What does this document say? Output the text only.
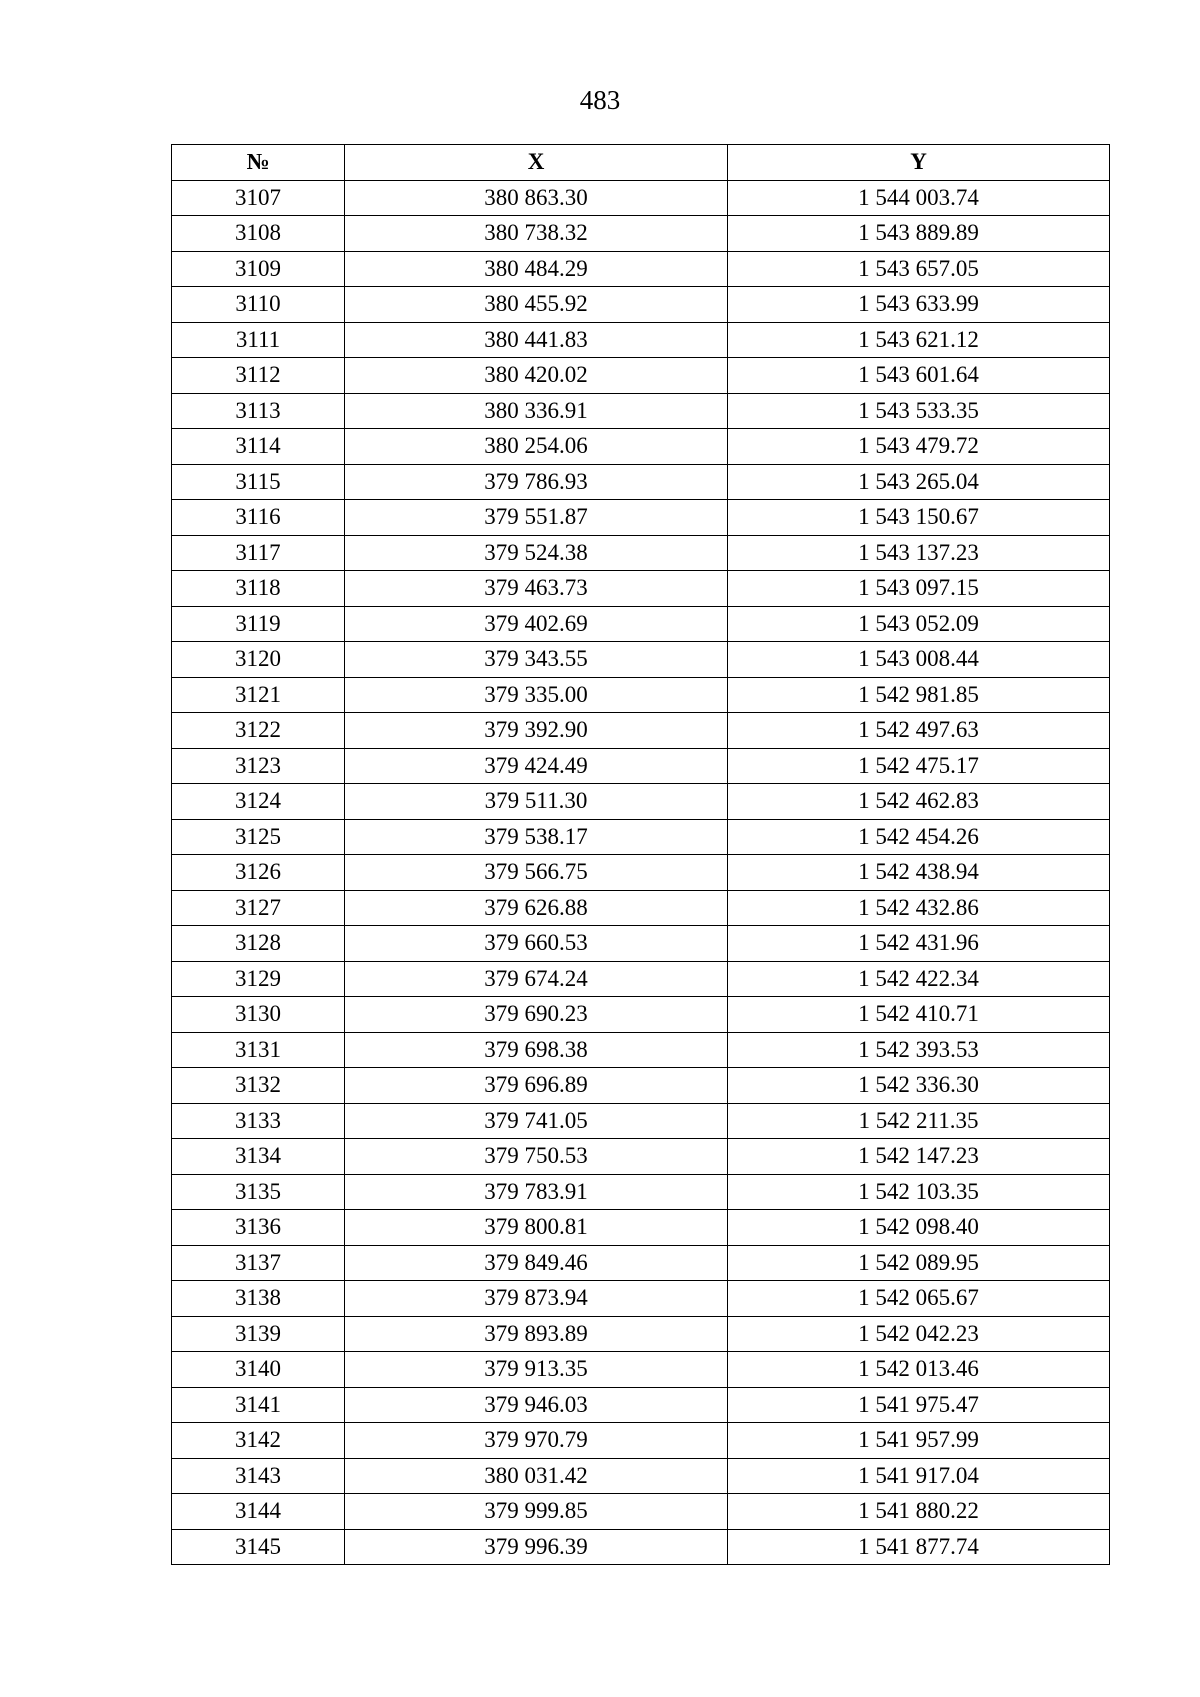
483
№	X	Y
3107	380 863.30	1 544 003.74
3108	380 738.32	1 543 889.89
3109	380 484.29	1 543 657.05
3110	380 455.92	1 543 633.99
3111	380 441.83	1 543 621.12
3112	380 420.02	1 543 601.64
3113	380 336.91	1 543 533.35
3114	380 254.06	1 543 479.72
3115	379 786.93	1 543 265.04
3116	379 551.87	1 543 150.67
3117	379 524.38	1 543 137.23
3118	379 463.73	1 543 097.15
3119	379 402.69	1 543 052.09
3120	379 343.55	1 543 008.44
3121	379 335.00	1 542 981.85
3122	379 392.90	1 542 497.63
3123	379 424.49	1 542 475.17
3124	379 511.30	1 542 462.83
3125	379 538.17	1 542 454.26
3126	379 566.75	1 542 438.94
3127	379 626.88	1 542 432.86
3128	379 660.53	1 542 431.96
3129	379 674.24	1 542 422.34
3130	379 690.23	1 542 410.71
3131	379 698.38	1 542 393.53
3132	379 696.89	1 542 336.30
3133	379 741.05	1 542 211.35
3134	379 750.53	1 542 147.23
3135	379 783.91	1 542 103.35
3136	379 800.81	1 542 098.40
3137	379 849.46	1 542 089.95
3138	379 873.94	1 542 065.67
3139	379 893.89	1 542 042.23
3140	379 913.35	1 542 013.46
3141	379 946.03	1 541 975.47
3142	379 970.79	1 541 957.99
3143	380 031.42	1 541 917.04
3144	379 999.85	1 541 880.22
3145	379 996.39	1 541 877.74
